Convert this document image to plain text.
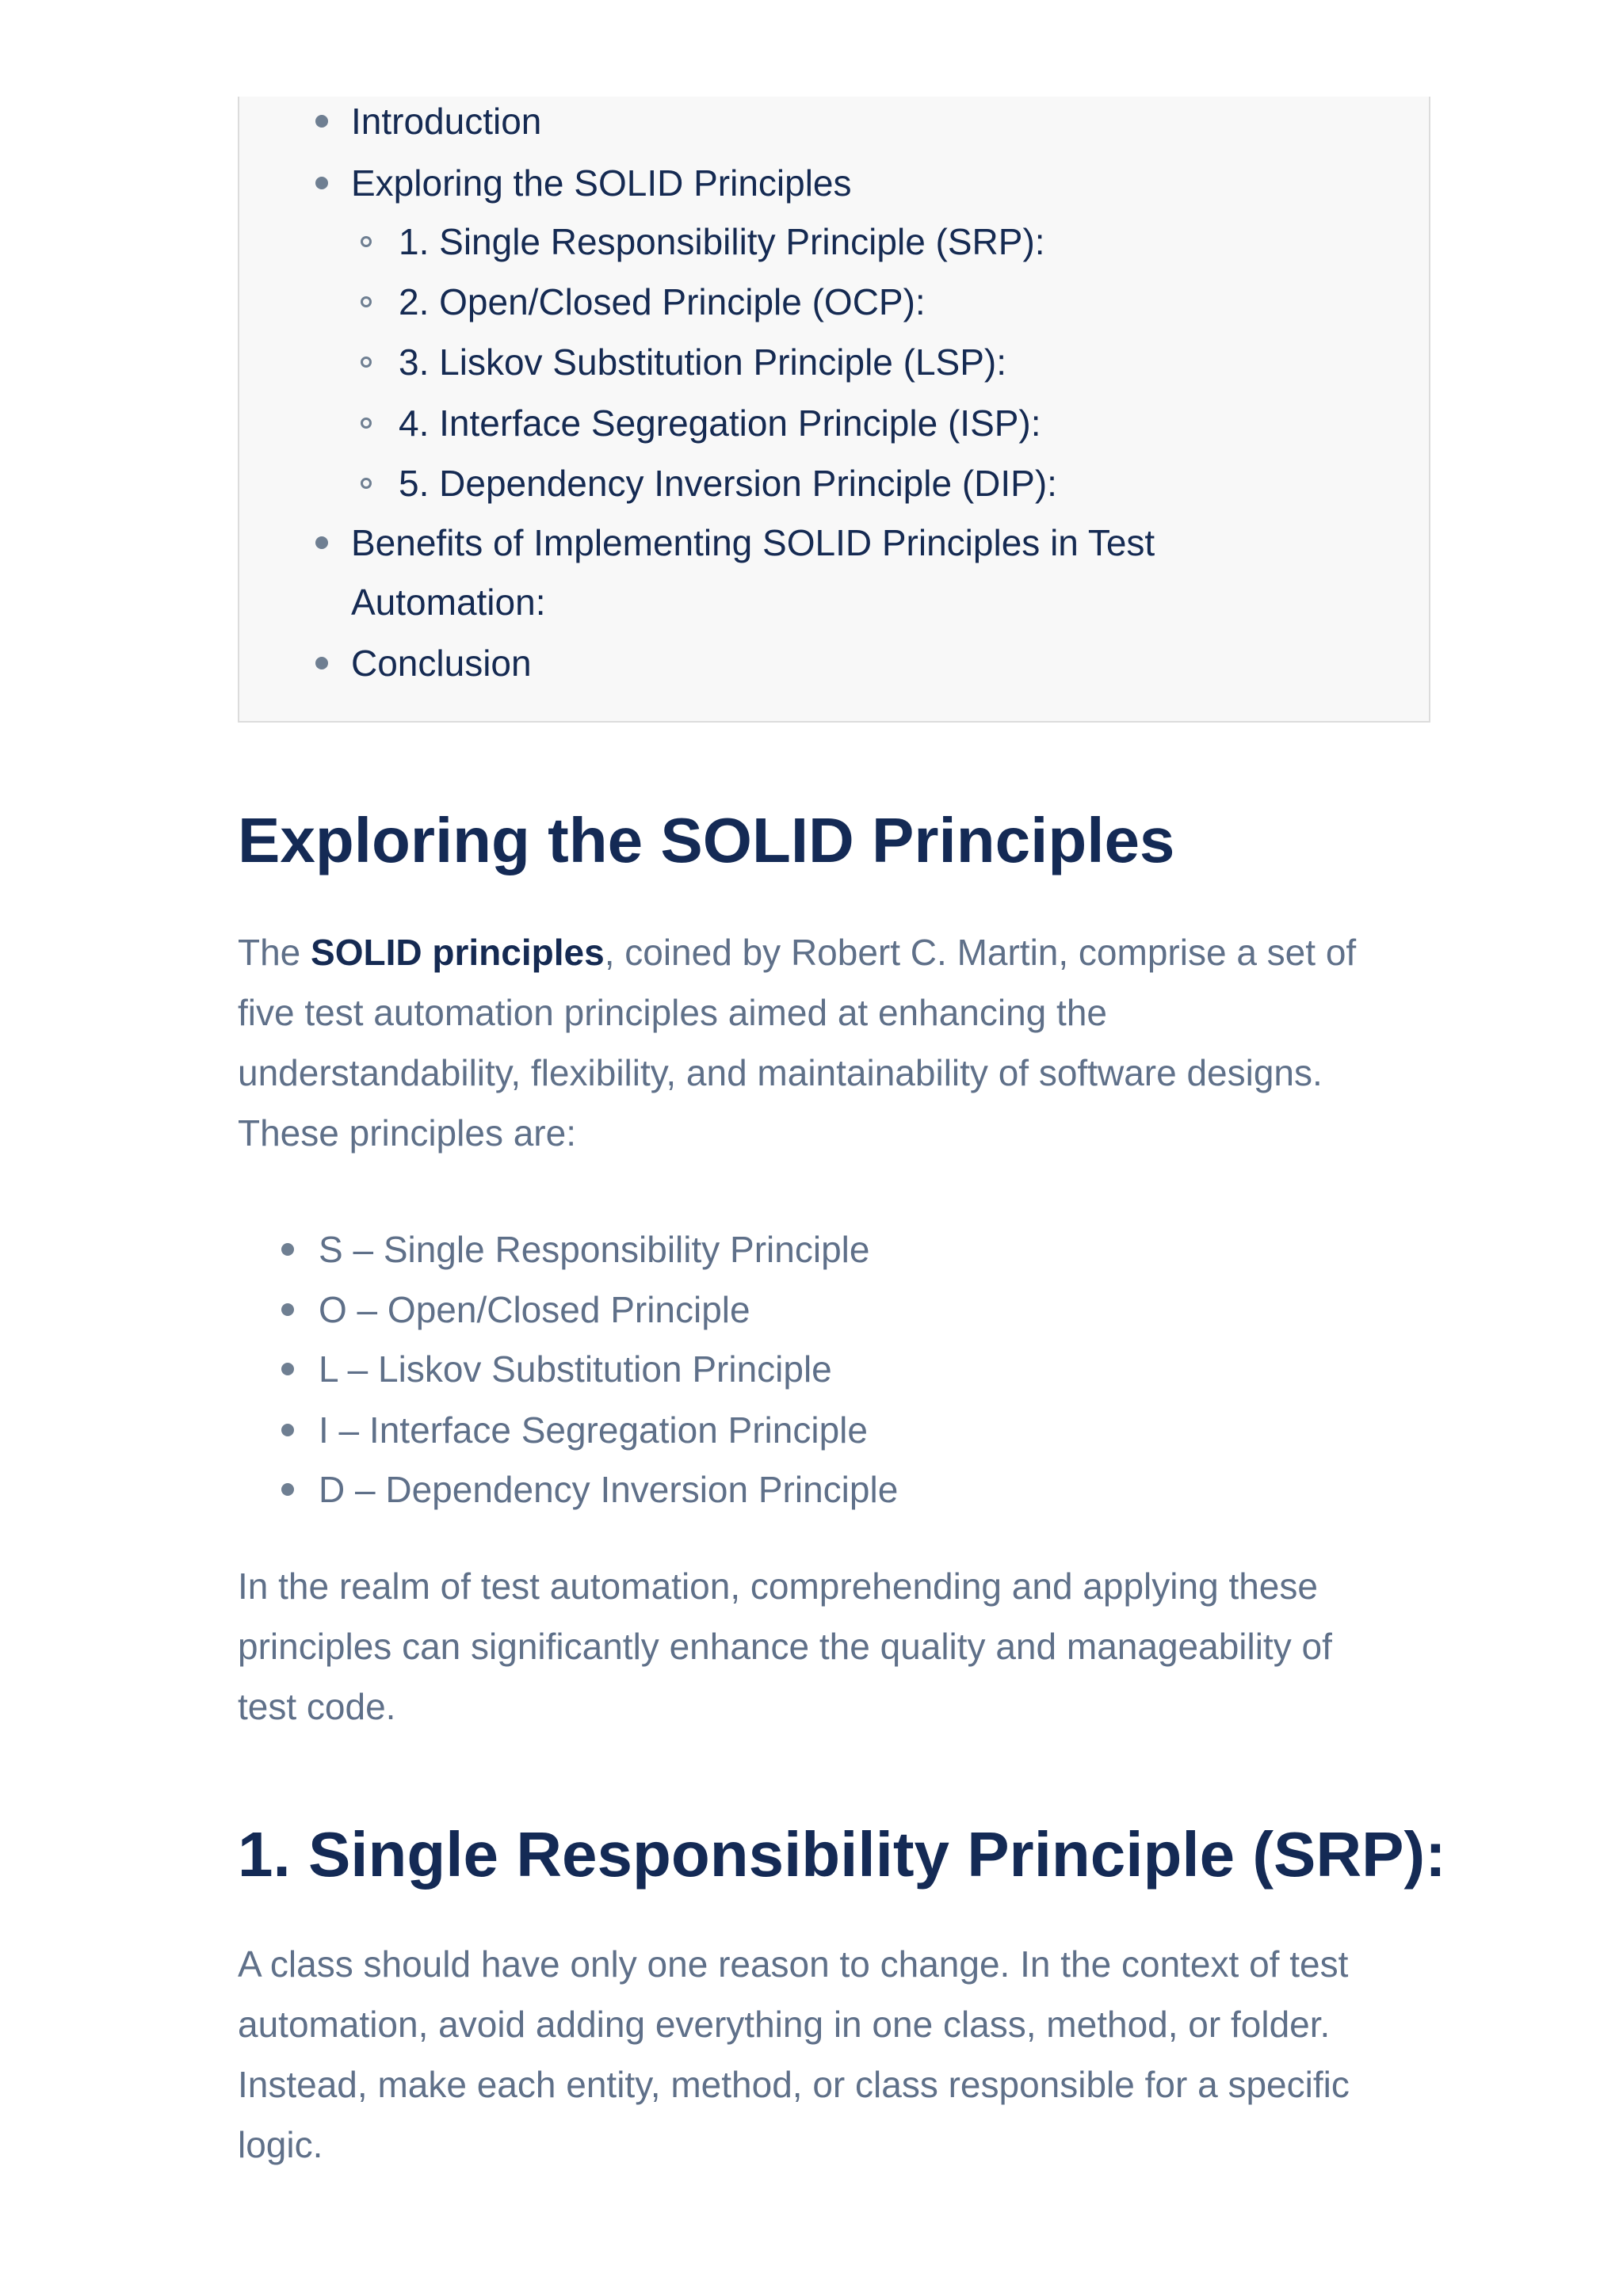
Introduction
Exploring the SOLID Principles
1. Single Responsibility Principle (SRP):
2. Open/Closed Principle (OCP):
3. Liskov Substitution Principle (LSP):
4. Interface Segregation Principle (ISP):
5. Dependency Inversion Principle (DIP):
Benefits of Implementing SOLID Principles in Test
Automation:
Conclusion
Exploring the SOLID Principles

The SOLID principles, coined by Robert C. Martin, comprise a set of
five test automation principles aimed at enhancing the
understandability, flexibility, and maintainability of software designs.
These principles are:

S – Single Responsibility Principle
O – Open/Closed Principle
L – Liskov Substitution Principle
I – Interface Segregation Principle
D – Dependency Inversion Principle

In the realm of test automation, comprehending and applying these
principles can significantly enhance the quality and manageability of
test code.

1. Single Responsibility Principle (SRP):

A class should have only one reason to change. In the context of test
automation, avoid adding everything in one class, method, or folder.
Instead, make each entity, method, or class responsible for a specific
logic.
